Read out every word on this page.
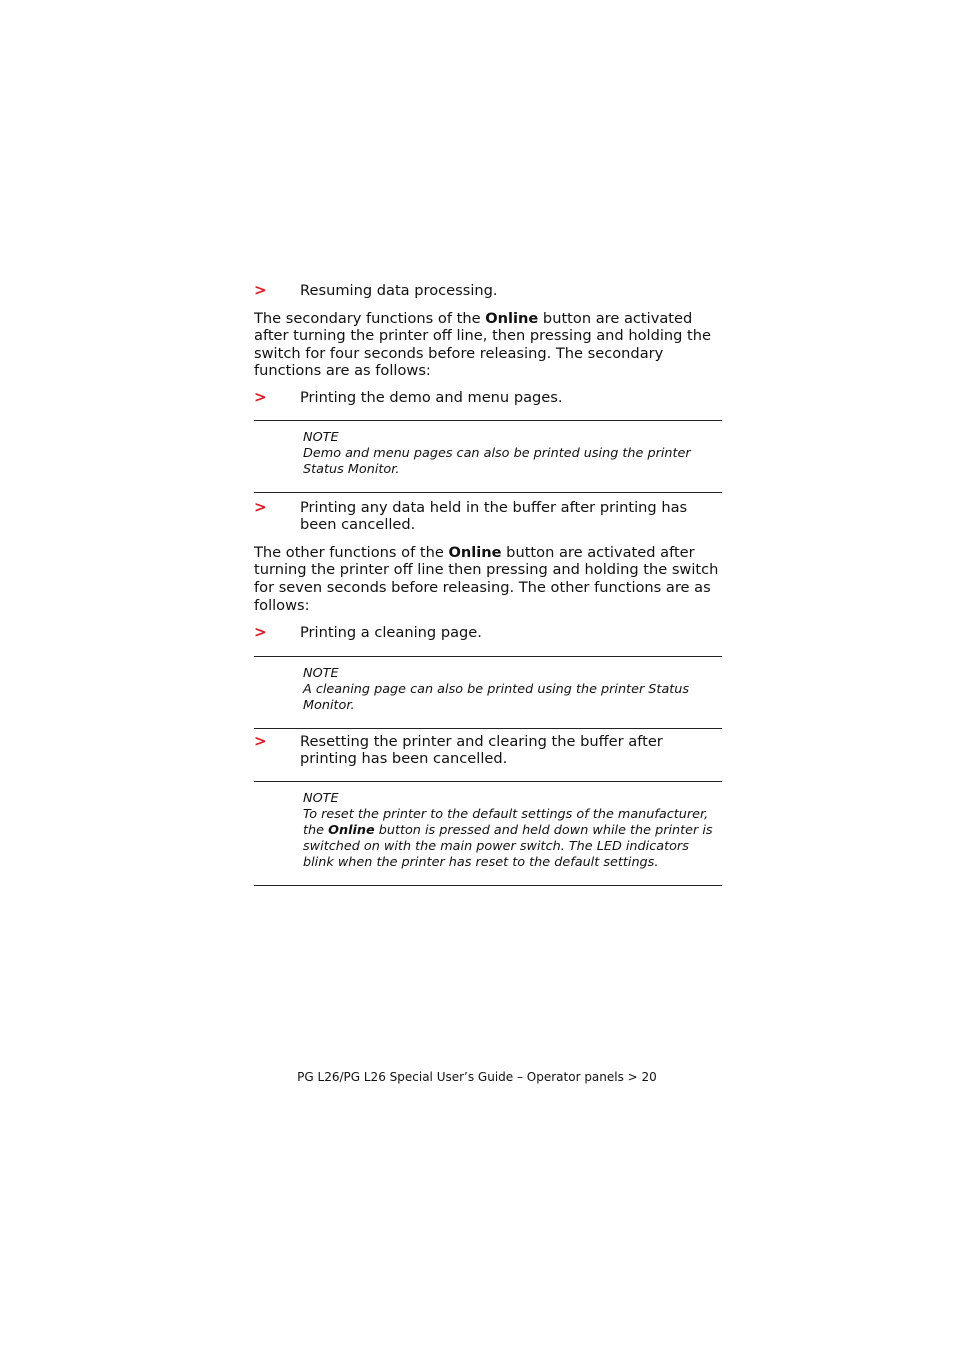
> Resuming data processing.

The secondary functions of the Online button are activated after turning the printer off line, then pressing and holding the switch for four seconds before releasing. The secondary functions are as follows:

> Printing the demo and menu pages.
NOTE
Demo and menu pages can also be printed using the printer Status Monitor.
> Printing any data held in the buffer after printing has been cancelled.

The other functions of the Online button are activated after turning the printer off line then pressing and holding the switch for seven seconds before releasing. The other functions are as follows:

> Printing a cleaning page.
NOTE
A cleaning page can also be printed using the printer Status Monitor.
> Resetting the printer and clearing the buffer after printing has been cancelled.
NOTE
To reset the printer to the default settings of the manufacturer, the Online button is pressed and held down while the printer is switched on with the main power switch. The LED indicators blink when the printer has reset to the default settings.
PG L26/PG L26 Special User’s Guide – Operator panels > 20
